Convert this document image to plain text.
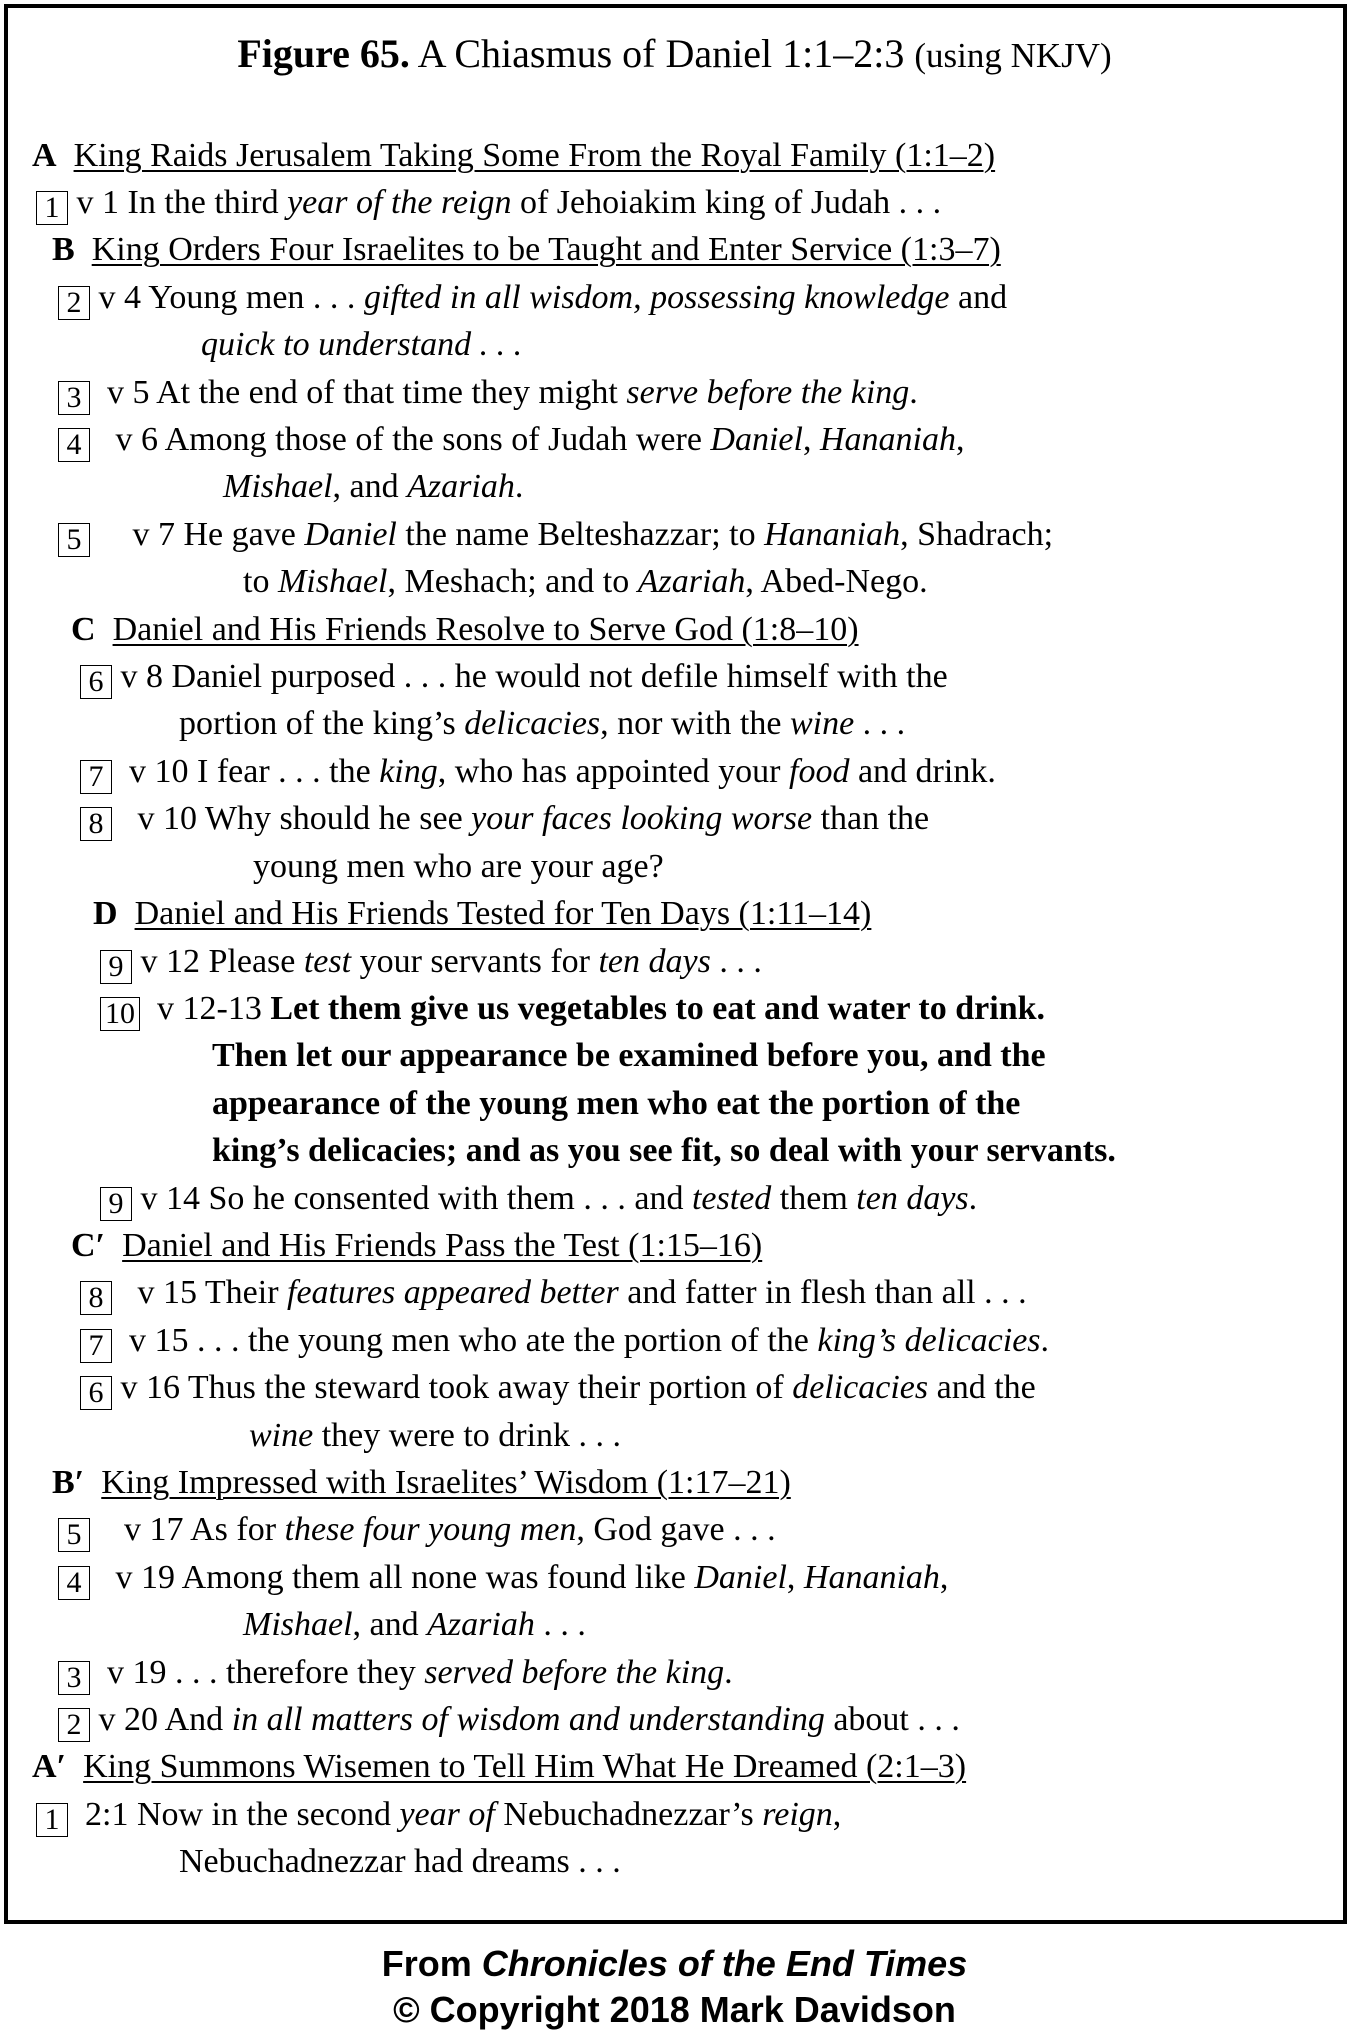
Figure 65. A Chiasmus of Daniel 1:1–2:3 (using NKJV)
A King Raids Jerusalem Taking Some From the Royal Family (1:1–2)
1 v 1 In the third year of the reign of Jehoiakim king of Judah . . .
B King Orders Four Israelites to be Taught and Enter Service (1:3–7)
2 v 4 Young men . . . gifted in all wisdom, possessing knowledge and
quick to understand . . .
3 v 5 At the end of that time they might serve before the king.
4 v 6 Among those of the sons of Judah were Daniel, Hananiah,
Mishael, and Azariah.
5 v 7 He gave Daniel the name Belteshazzar; to Hananiah, Shadrach;
to Mishael, Meshach; and to Azariah, Abed-Nego.
C Daniel and His Friends Resolve to Serve God (1:8–10)
6 v 8 Daniel purposed . . . he would not defile himself with the
portion of the king’s delicacies, nor with the wine . . .
7 v 10 I fear . . . the king, who has appointed your food and drink.
8 v 10 Why should he see your faces looking worse than the
young men who are your age?
D Daniel and His Friends Tested for Ten Days (1:11–14)
9 v 12 Please test your servants for ten days . . .
10 v 12-13 Let them give us vegetables to eat and water to drink.
Then let our appearance be examined before you, and the
appearance of the young men who eat the portion of the
king’s delicacies; and as you see fit, so deal with your servants.
9 v 14 So he consented with them . . . and tested them ten days.
C′ Daniel and His Friends Pass the Test (1:15–16)
8 v 15 Their features appeared better and fatter in flesh than all . . .
7 v 15 . . . the young men who ate the portion of the king’s delicacies.
6 v 16 Thus the steward took away their portion of delicacies and the
wine they were to drink . . .
B′ King Impressed with Israelites’ Wisdom (1:17–21)
5 v 17 As for these four young men, God gave . . .
4 v 19 Among them all none was found like Daniel, Hananiah,
Mishael, and Azariah . . .
3 v 19 . . . therefore they served before the king.
2 v 20 And in all matters of wisdom and understanding about . . .
A′ King Summons Wisemen to Tell Him What He Dreamed (2:1–3)
1 2:1 Now in the second year of Nebuchadnezzar’s reign,
Nebuchadnezzar had dreams . . .
From Chronicles of the End Times
© Copyright 2018 Mark Davidson
